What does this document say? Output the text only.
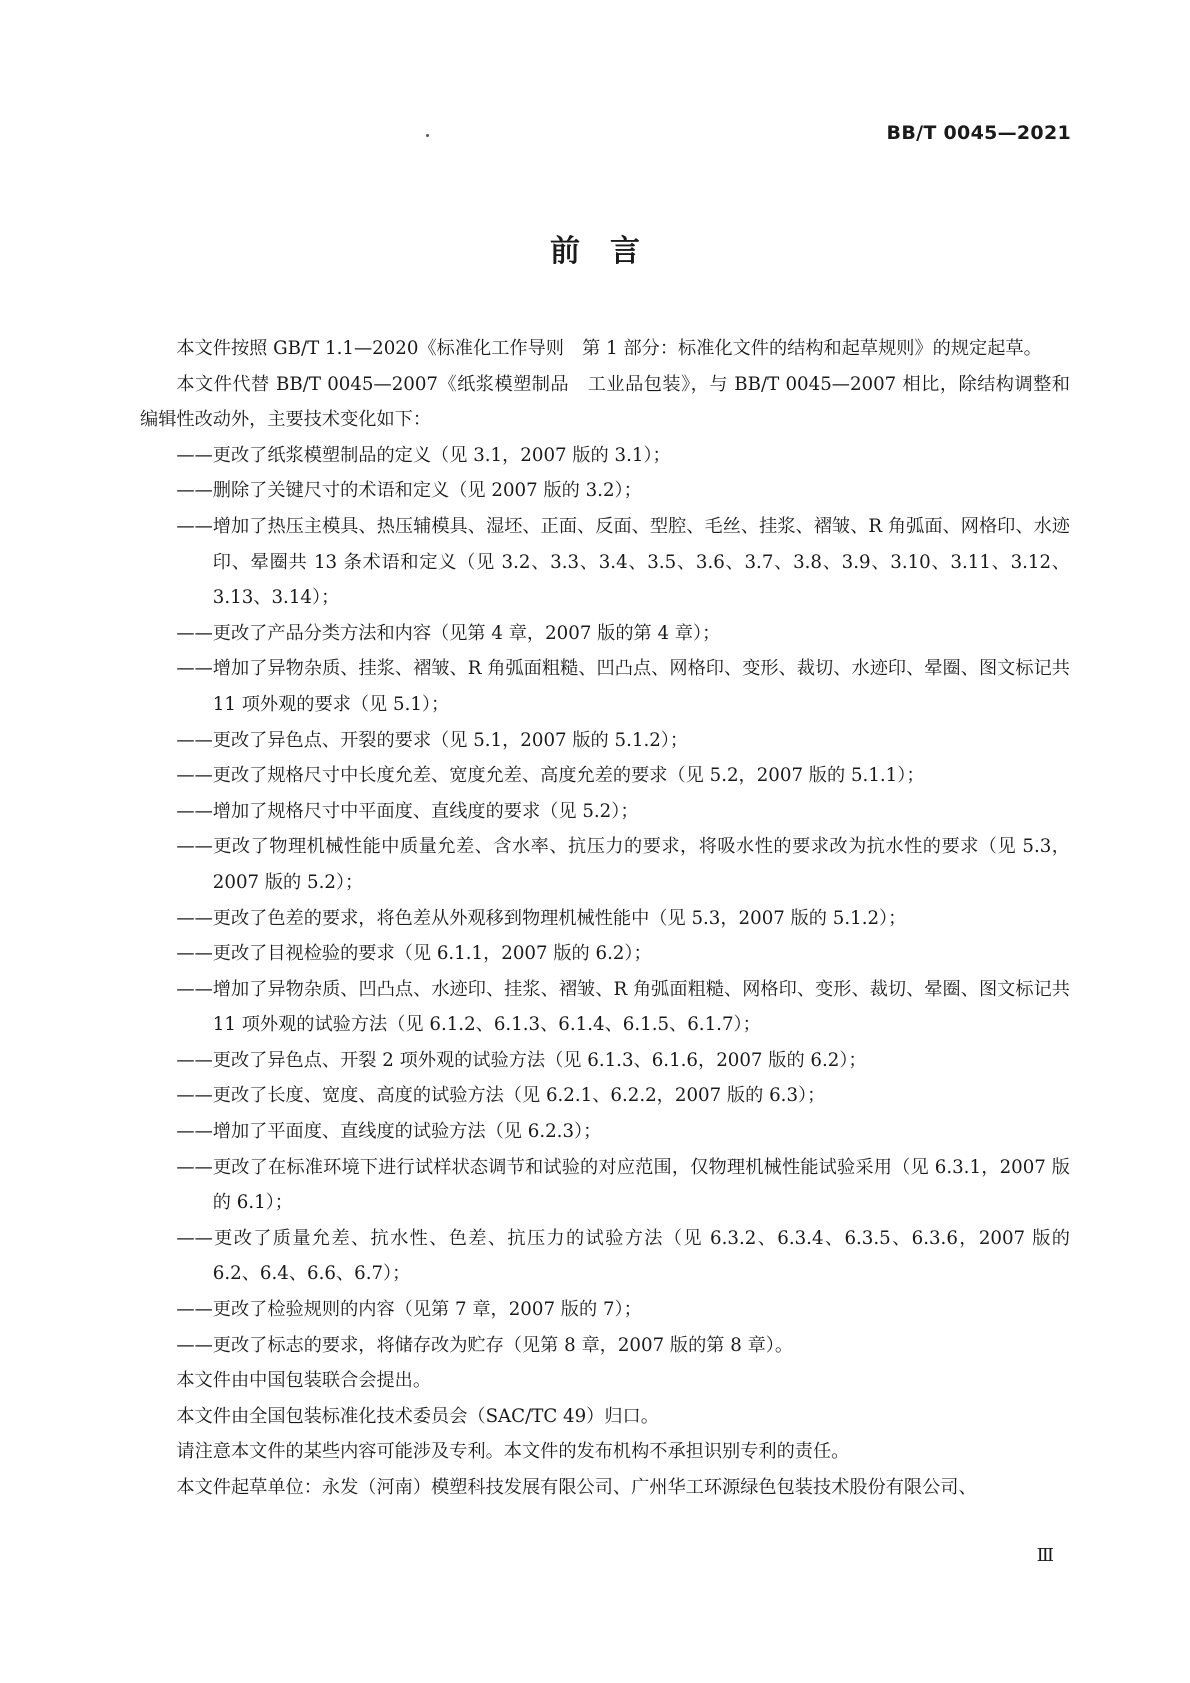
BB/T 0045—2021
前　言

本文件按照 GB/T 1.1—2020《标准化工作导则　第 1 部分：标准化文件的结构和起草规则》的规定起草。

本文件代替 BB/T 0045—2007《纸浆模塑制品　工业品包装》，与 BB/T 0045—2007 相比，除结构调整和编辑性改动外，主要技术变化如下：

——更改了纸浆模塑制品的定义（见 3.1，2007 版的 3.1）；

——删除了关键尺寸的术语和定义（见 2007 版的 3.2）；

——增加了热压主模具、热压辅模具、湿坯、正面、反面、型腔、毛丝、挂浆、褶皱、R 角弧面、网格印、水迹印、晕圈共 13 条术语和定义（见 3.2、3.3、3.4、3.5、3.6、3.7、3.8、3.9、3.10、3.11、3.12、3.13、3.14）；

——更改了产品分类方法和内容（见第 4 章，2007 版的第 4 章）；

——增加了异物杂质、挂浆、褶皱、R 角弧面粗糙、凹凸点、网格印、变形、裁切、水迹印、晕圈、图文标记共 11 项外观的要求（见 5.1）；

——更改了异色点、开裂的要求（见 5.1，2007 版的 5.1.2）；

——更改了规格尺寸中长度允差、宽度允差、高度允差的要求（见 5.2，2007 版的 5.1.1）；

——增加了规格尺寸中平面度、直线度的要求（见 5.2）；

——更改了物理机械性能中质量允差、含水率、抗压力的要求，将吸水性的要求改为抗水性的要求（见 5.3，2007 版的 5.2）；

——更改了色差的要求，将色差从外观移到物理机械性能中（见 5.3，2007 版的 5.1.2）；

——更改了目视检验的要求（见 6.1.1，2007 版的 6.2）；

——增加了异物杂质、凹凸点、水迹印、挂浆、褶皱、R 角弧面粗糙、网格印、变形、裁切、晕圈、图文标记共 11 项外观的试验方法（见 6.1.2、6.1.3、6.1.4、6.1.5、6.1.7）；

——更改了异色点、开裂 2 项外观的试验方法（见 6.1.3、6.1.6，2007 版的 6.2）；

——更改了长度、宽度、高度的试验方法（见 6.2.1、6.2.2，2007 版的 6.3）；

——增加了平面度、直线度的试验方法（见 6.2.3）；

——更改了在标准环境下进行试样状态调节和试验的对应范围，仅物理机械性能试验采用（见 6.3.1，2007 版的 6.1）；

——更改了质量允差、抗水性、色差、抗压力的试验方法（见 6.3.2、6.3.4、6.3.5、6.3.6，2007 版的 6.2、6.4、6.6、6.7）；

——更改了检验规则的内容（见第 7 章，2007 版的 7）；

——更改了标志的要求，将储存改为贮存（见第 8 章，2007 版的第 8 章）。

本文件由中国包装联合会提出。

本文件由全国包装标准化技术委员会（SAC/TC 49）归口。

请注意本文件的某些内容可能涉及专利。本文件的发布机构不承担识别专利的责任。

本文件起草单位：永发（河南）模塑科技发展有限公司、广州华工环源绿色包装技术股份有限公司、

Ⅲ
